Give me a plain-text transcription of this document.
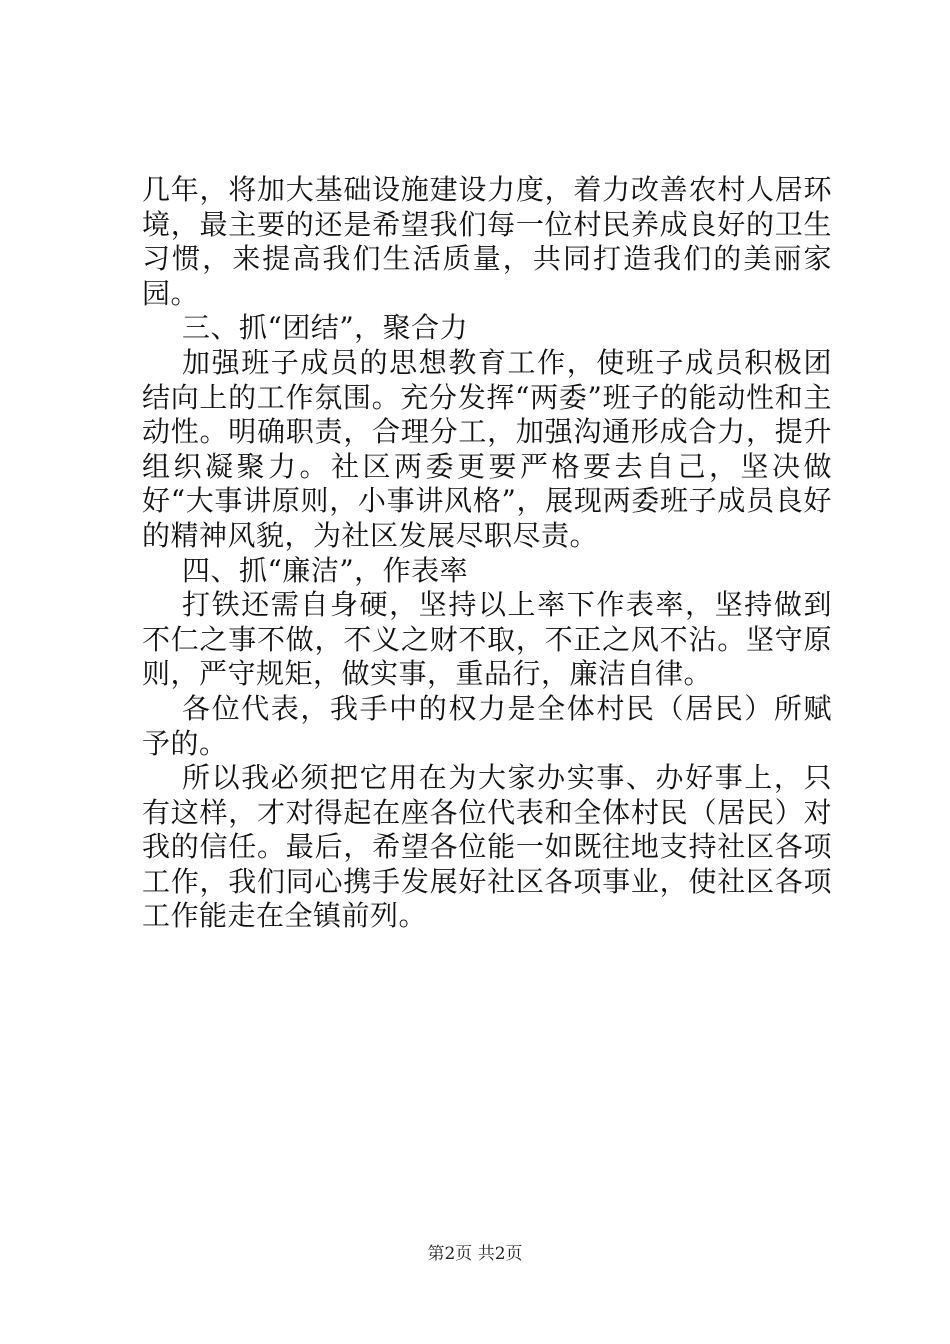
几年，将加大基础设施建设力度，着力改善农村人居环境，最主要的还是希望我们每一位村民养成良好的卫生习惯，来提高我们生活质量，共同打造我们的美丽家园。

三、抓“团结”，聚合力

加强班子成员的思想教育工作，使班子成员积极团结向上的工作氛围。充分发挥“两委”班子的能动性和主动性。明确职责，合理分工，加强沟通形成合力，提升组织凝聚力。社区两委更要严格要去自己，坚决做好“大事讲原则，小事讲风格”，展现两委班子成员良好的精神风貌，为社区发展尽职尽责。

四、抓“廉洁”，作表率

打铁还需自身硬，坚持以上率下作表率，坚持做到不仁之事不做，不义之财不取，不正之风不沾。坚守原则，严守规矩，做实事，重品行，廉洁自律。

各位代表，我手中的权力是全体村民（居民）所赋予的。

所以我必须把它用在为大家办实事、办好事上，只有这样，才对得起在座各位代表和全体村民（居民）对我的信任。最后，希望各位能一如既往地支持社区各项工作，我们同心携手发展好社区各项事业，使社区各项工作能走在全镇前列。

第2页 共2页
